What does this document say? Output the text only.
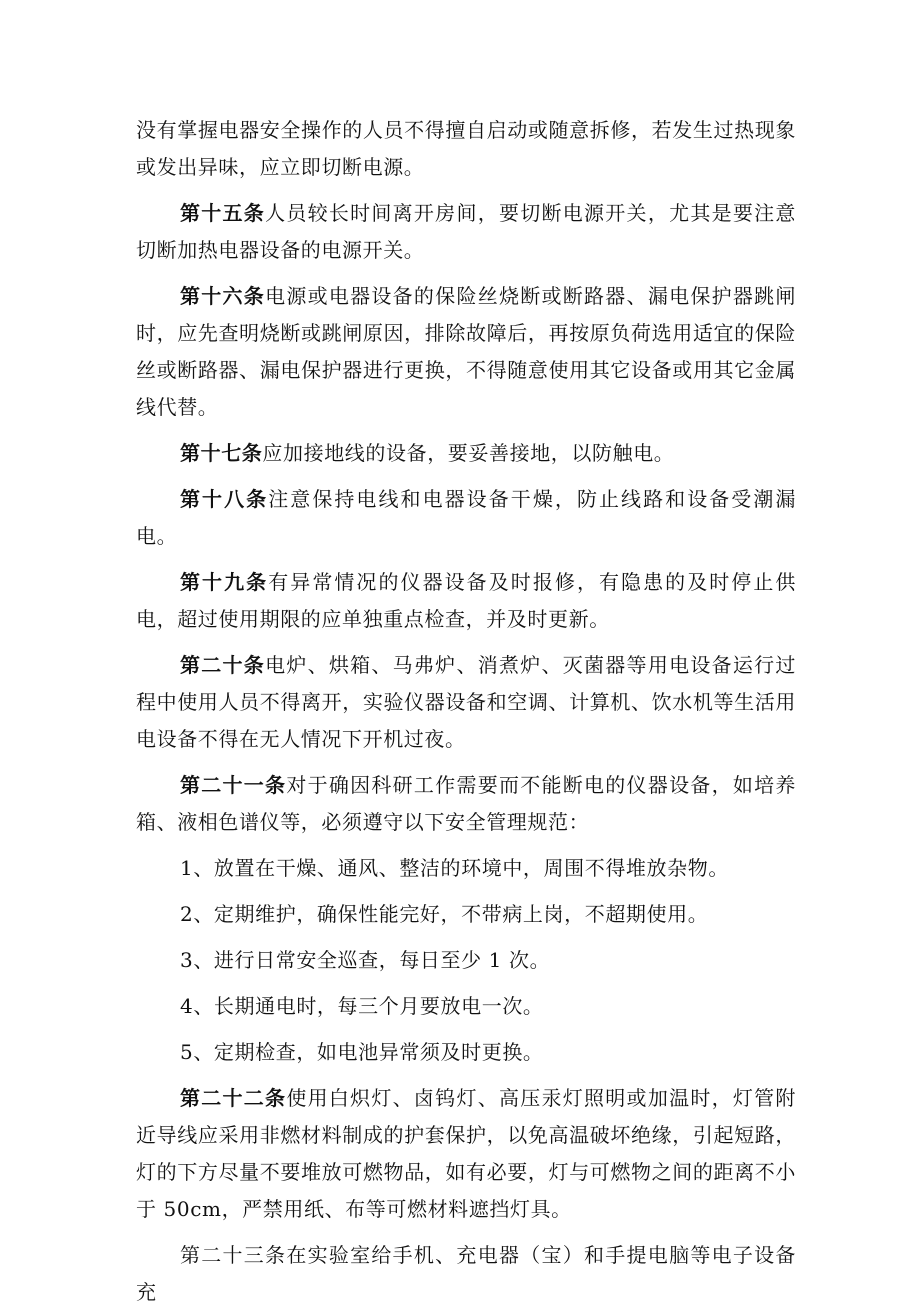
没有掌握电器安全操作的人员不得擅自启动或随意拆修，若发生过热现象或发出异味，应立即切断电源。

第十五条人员较长时间离开房间，要切断电源开关，尤其是要注意切断加热电器设备的电源开关。

第十六条电源或电器设备的保险丝烧断或断路器、漏电保护器跳闸时，应先查明烧断或跳闸原因，排除故障后，再按原负荷选用适宜的保险丝或断路器、漏电保护器进行更换，不得随意使用其它设备或用其它金属线代替。

第十七条应加接地线的设备，要妥善接地，以防触电。

第十八条注意保持电线和电器设备干燥，防止线路和设备受潮漏电。

第十九条有异常情况的仪器设备及时报修，有隐患的及时停止供电，超过使用期限的应单独重点检查，并及时更新。

第二十条电炉、烘箱、马弗炉、消煮炉、灭菌器等用电设备运行过程中使用人员不得离开，实验仪器设备和空调、计算机、饮水机等生活用电设备不得在无人情况下开机过夜。

第二十一条对于确因科研工作需要而不能断电的仪器设备，如培养箱、液相色谱仪等，必须遵守以下安全管理规范：

1、放置在干燥、通风、整洁的环境中，周围不得堆放杂物。

2、定期维护，确保性能完好，不带病上岗，不超期使用。

3、进行日常安全巡查，每日至少 1 次。

4、长期通电时，每三个月要放电一次。

5、定期检查，如电池异常须及时更换。

第二十二条使用白炽灯、卤钨灯、高压汞灯照明或加温时，灯管附近导线应采用非燃材料制成的护套保护，以免高温破坏绝缘，引起短路，灯的下方尽量不要堆放可燃物品，如有必要，灯与可燃物之间的距离不小于 50cm，严禁用纸、布等可燃材料遮挡灯具。

第二十三条在实验室给手机、充电器（宝）和手提电脑等电子设备充
